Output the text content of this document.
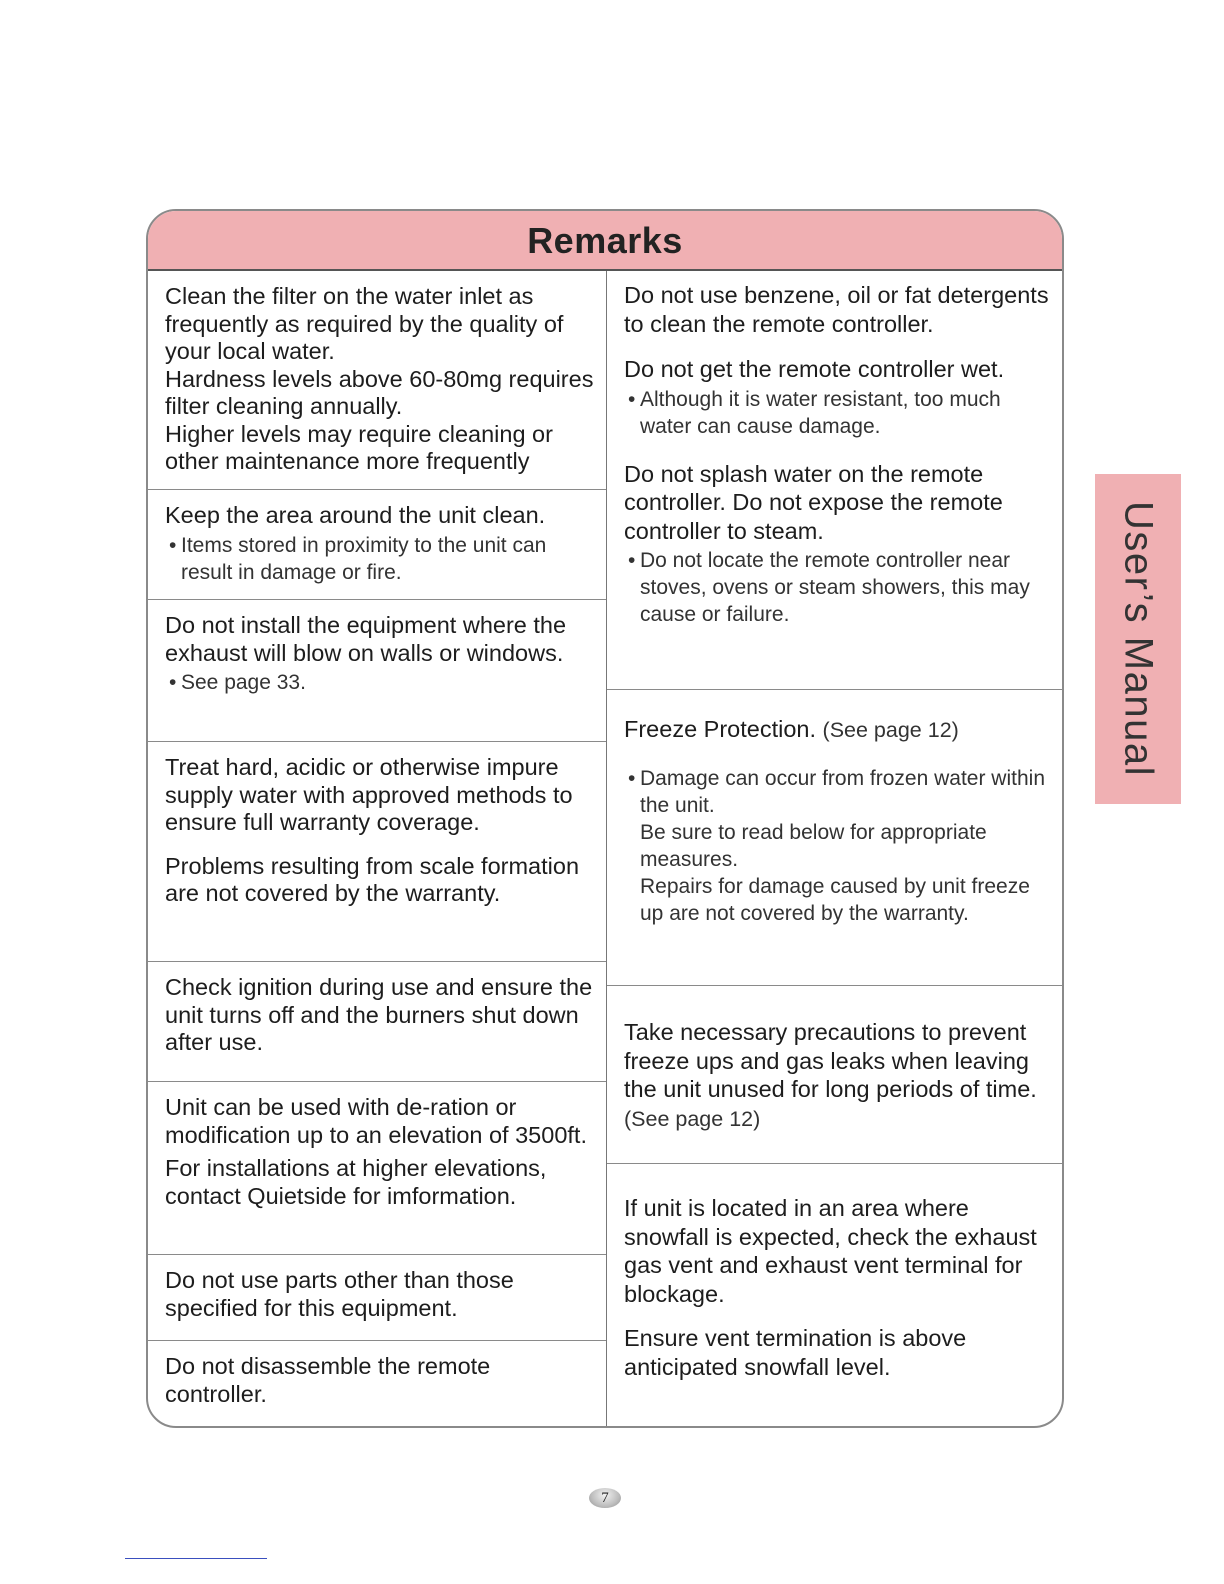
Remarks

Clean the filter on the water inlet as frequently as required by the quality of your local water.

Hardness levels above 60-80mg requires filter cleaning annually.

Higher levels may require cleaning or other maintenance more frequently

Keep the area around the unit clean.

• Items stored in proximity to the unit can result in damage or fire.

Do not install the equipment where the exhaust will blow on walls or windows.

• See page 33.

Treat hard, acidic or otherwise impure supply water with approved methods to ensure full warranty coverage.

Problems resulting from scale formation are not covered by the warranty.

Check ignition during use and ensure the unit turns off and the burners shut down after use.

Unit can be used with de-ration or modification up to an elevation of 3500ft.

For installations at higher elevations, contact Quietside for imformation.

Do not use parts other than those specified for this equipment.

Do not disassemble the remote controller.

Do not use benzene, oil or fat detergents to clean the remote controller.

Do not get the remote controller wet.

• Although it is water resistant, too much water can cause damage.

Do not splash water on the remote controller. Do not expose the remote controller to steam.

• Do not locate the remote controller near stoves, ovens or steam showers, this may cause or failure.

Freeze Protection. (See page 12)

• Damage can occur from frozen water within the unit.
Be sure to read below for appropriate measures.
Repairs for damage caused by unit freeze up are not covered by the warranty.

Take necessary precautions to prevent freeze ups and gas leaks when leaving the unit unused for long periods of time. (See page 12)

If unit is located in an area where snowfall is expected, check the exhaust gas vent and exhaust vent terminal for blockage.

Ensure vent termination is above anticipated snowfall level.

User’s Manual
7
